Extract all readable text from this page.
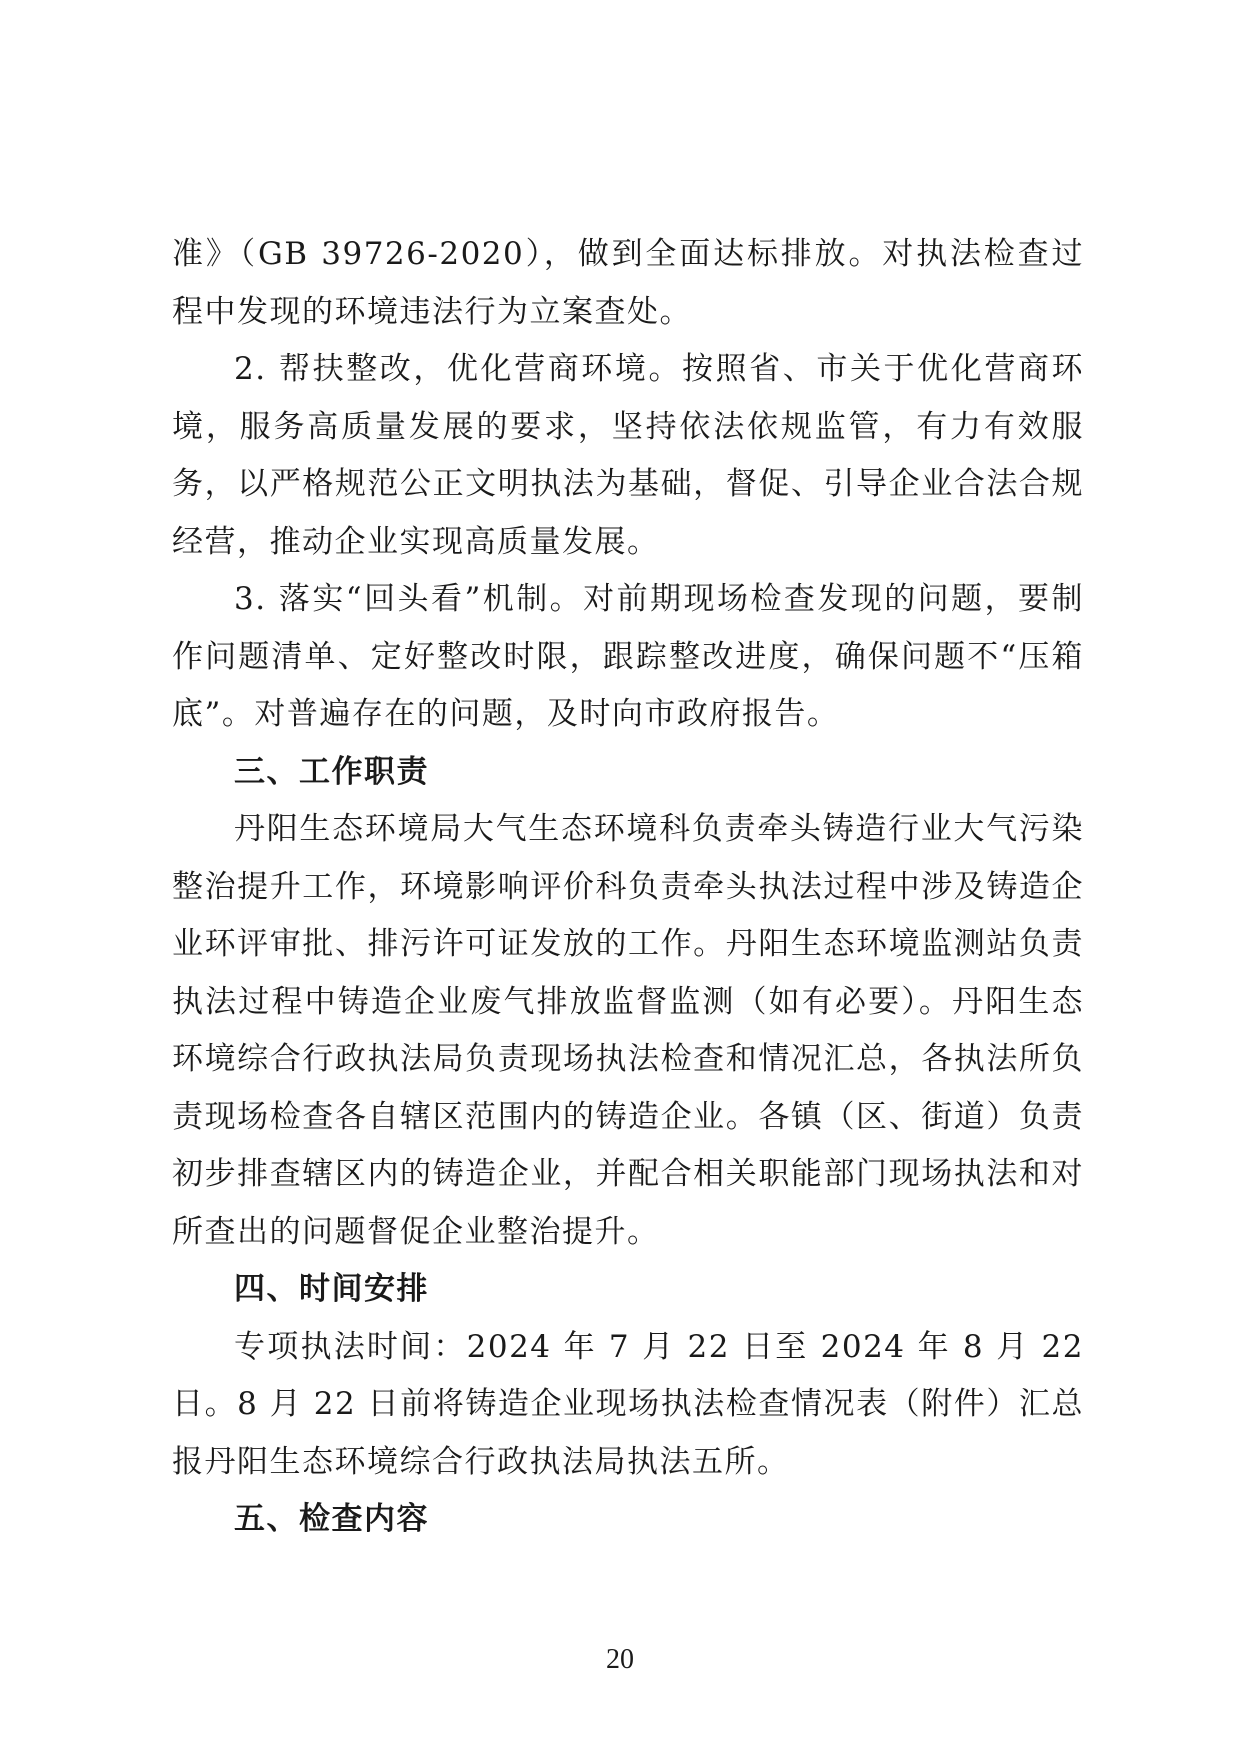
准》（GB 39726-2020），做到全面达标排放。对执法检查过程中发现的环境违法行为立案查处。

2. 帮扶整改，优化营商环境。按照省、市关于优化营商环境，服务高质量发展的要求，坚持依法依规监管，有力有效服务，以严格规范公正文明执法为基础，督促、引导企业合法合规经营，推动企业实现高质量发展。

3. 落实“回头看”机制。对前期现场检查发现的问题，要制作问题清单、定好整改时限，跟踪整改进度，确保问题不“压箱底”。对普遍存在的问题，及时向市政府报告。

三、工作职责

丹阳生态环境局大气生态环境科负责牵头铸造行业大气污染整治提升工作，环境影响评价科负责牵头执法过程中涉及铸造企业环评审批、排污许可证发放的工作。丹阳生态环境监测站负责执法过程中铸造企业废气排放监督监测（如有必要）。丹阳生态环境综合行政执法局负责现场执法检查和情况汇总，各执法所负责现场检查各自辖区范围内的铸造企业。各镇（区、街道）负责初步排查辖区内的铸造企业，并配合相关职能部门现场执法和对所查出的问题督促企业整治提升。

四、时间安排

专项执法时间：2024 年 7 月 22 日至 2024 年 8 月 22 日。8 月 22 日前将铸造企业现场执法检查情况表（附件）汇总报丹阳生态环境综合行政执法局执法五所。

五、检查内容

20
